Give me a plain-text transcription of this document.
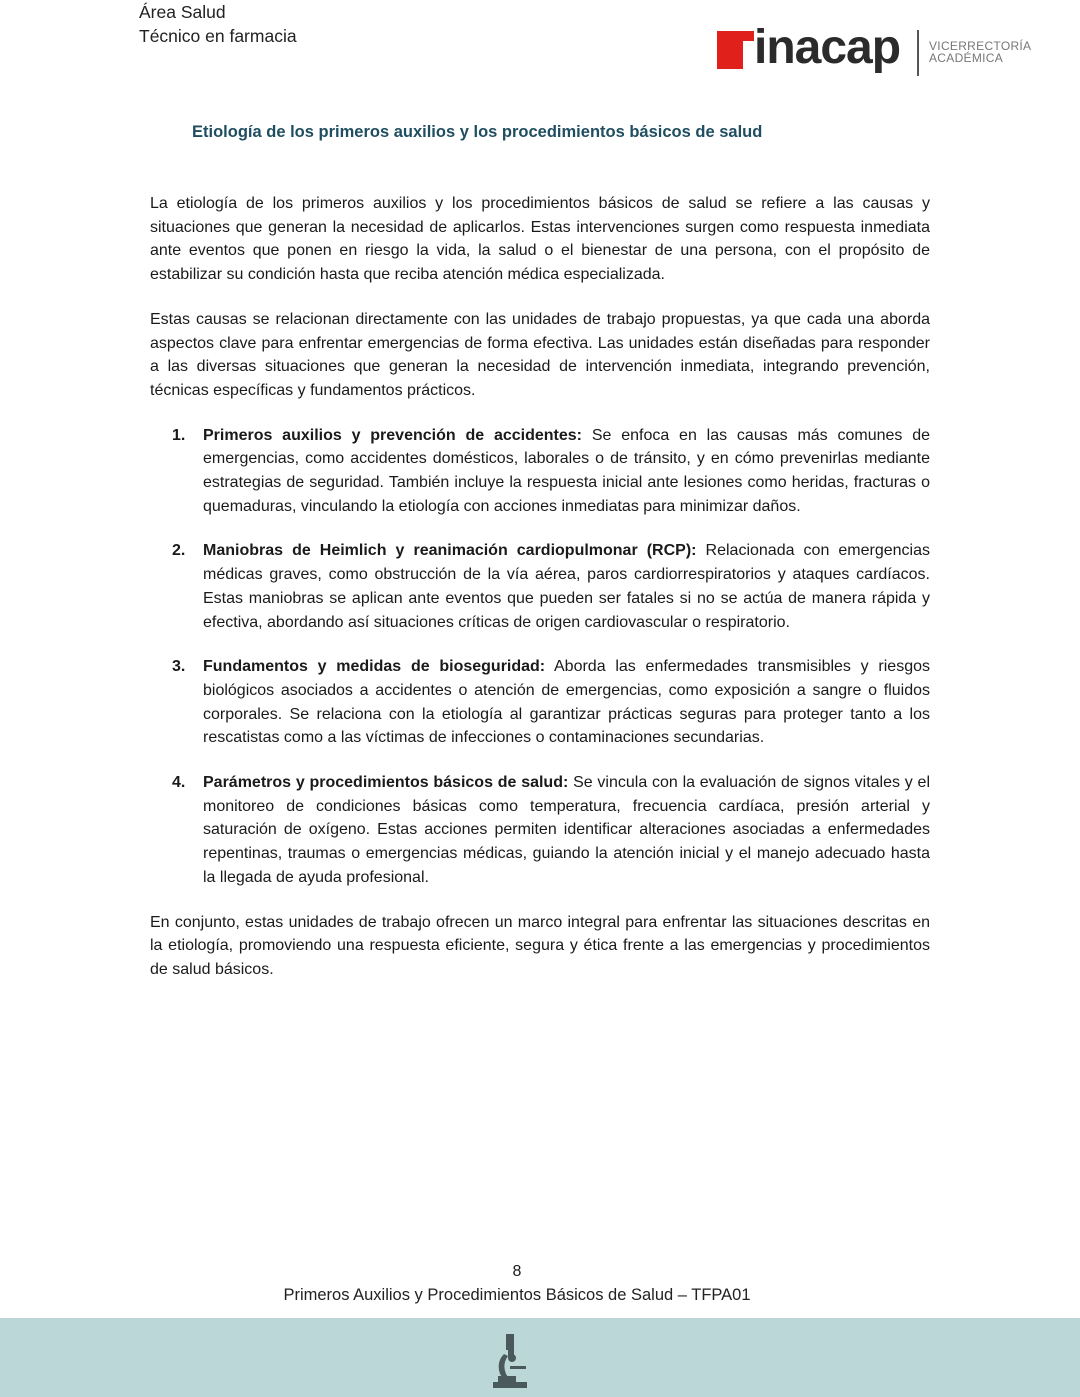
Área Salud
Técnico en farmacia	inacap VICERRECTORÍA
ACADÉMICA
Etiología de los primeros auxilios y los procedimientos básicos de salud

La etiología de los primeros auxilios y los procedimientos básicos de salud se refiere a las causas y situaciones que generan la necesidad de aplicarlos. Estas intervenciones surgen como respuesta inmediata ante eventos que ponen en riesgo la vida, la salud o el bienestar de una persona, con el propósito de estabilizar su condición hasta que reciba atención médica especializada.

Estas causas se relacionan directamente con las unidades de trabajo propuestas, ya que cada una aborda aspectos clave para enfrentar emergencias de forma efectiva. Las unidades están diseñadas para responder a las diversas situaciones que generan la necesidad de intervención inmediata, integrando prevención, técnicas específicas y fundamentos prácticos.

1. Primeros auxilios y prevención de accidentes: Se enfoca en las causas más comunes de emergencias, como accidentes domésticos, laborales o de tránsito, y en cómo prevenirlas mediante estrategias de seguridad. También incluye la respuesta inicial ante lesiones como heridas, fracturas o quemaduras, vinculando la etiología con acciones inmediatas para minimizar daños.
2. Maniobras de Heimlich y reanimación cardiopulmonar (RCP): Relacionada con emergencias médicas graves, como obstrucción de la vía aérea, paros cardiorrespiratorios y ataques cardíacos. Estas maniobras se aplican ante eventos que pueden ser fatales si no se actúa de manera rápida y efectiva, abordando así situaciones críticas de origen cardiovascular o respiratorio.
3. Fundamentos y medidas de bioseguridad: Aborda las enfermedades transmisibles y riesgos biológicos asociados a accidentes o atención de emergencias, como exposición a sangre o fluidos corporales. Se relaciona con la etiología al garantizar prácticas seguras para proteger tanto a los rescatistas como a las víctimas de infecciones o contaminaciones secundarias.
4. Parámetros y procedimientos básicos de salud: Se vincula con la evaluación de signos vitales y el monitoreo de condiciones básicas como temperatura, frecuencia cardíaca, presión arterial y saturación de oxígeno. Estas acciones permiten identificar alteraciones asociadas a enfermedades repentinas, traumas o emergencias médicas, guiando la atención inicial y el manejo adecuado hasta la llegada de ayuda profesional.

En conjunto, estas unidades de trabajo ofrecen un marco integral para enfrentar las situaciones descritas en la etiología, promoviendo una respuesta eficiente, segura y ética frente a las emergencias y procedimientos de salud básicos.

8
Primeros Auxilios y Procedimientos Básicos de Salud – TFPA01
